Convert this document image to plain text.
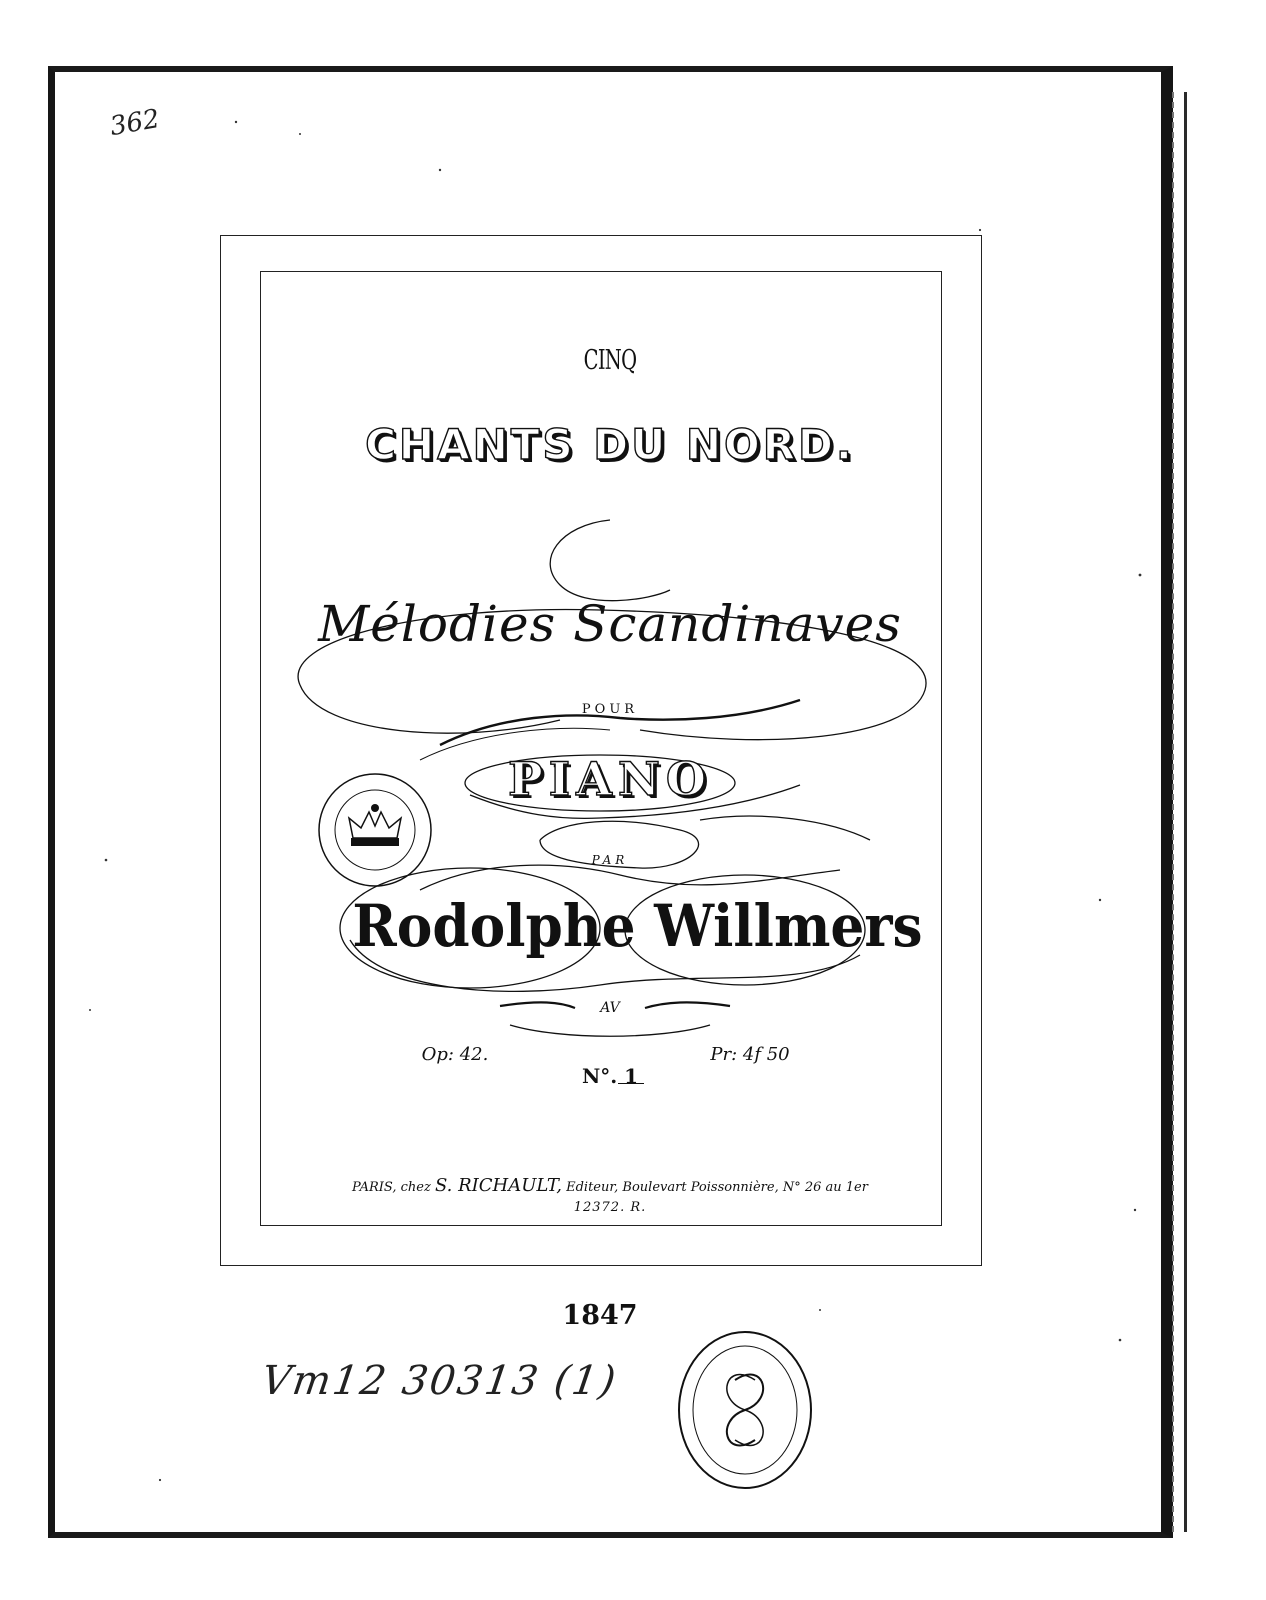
362
CINQ
CHANTS DU NORD.
Mélodies Scandinaves
POUR
PIANO
PAR
Rodolphe Willmers
AV
Op: 42.	Pr: 4f 50
N°. 1
PARIS, chez S. RICHAULT, Editeur, Boulevart Poissonnière, N° 26 au 1er
12372. R.
1847
Vm12 30313 (1)
